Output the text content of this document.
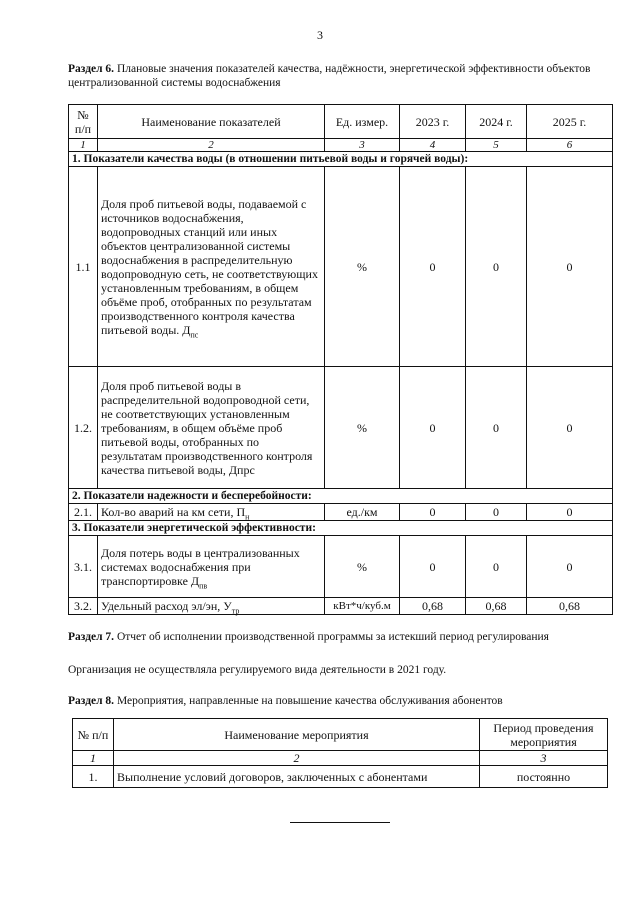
3
Раздел 6. Плановые значения показателей качества, надёжности, энергетической эффективности объектов централизованной системы водоснабжения
№ п/п	Наименование показателей	Ед. измер.	2023 г.	2024 г.	2025 г.
1	2	3	4	5	6
1. Показатели качества воды (в отношении питьевой воды и горячей воды):					
1.1	Доля проб питьевой воды, подаваемой с источников водоснабжения, водопроводных станций или иных объектов централизованной системы водоснабжения в распределительную водопроводную сеть, не соответствующих установленным требованиям, в общем объёме проб, отобранных по результатам производственного контроля качества питьевой воды. $Д_{пс}$	%	0	0	0
1.2.	Доля проб питьевой воды в распределительной водопроводной сети, не соответствующих установленным требованиям, в общем объёме проб питьевой воды, отобранных по результатам производственного контроля качества питьевой воды, Дпрс	%	0	0	0
2. Показатели надежности и бесперебойности:					
2.1.	Кол-во аварий на км сети, $П_н$	ед./км	0	0	0
3. Показатели энергетической эффективности:					
3.1.	Доля потерь воды в централизованных системах водоснабжения при транспортировке $Д_{пв}$	%	0	0	0
3.2.	Удельный расход эл/эн, $У_{тр}$	кВт*ч/куб.м	0,68	0,68	0,68
Раздел 7. Отчет об исполнении производственной программы за истекший период регулирования
Организация не осуществляла регулируемого вида деятельности в 2021 году.
Раздел 8. Мероприятия, направленные на повышение качества обслуживания абонентов
№ п/п	Наименование мероприятия	Период проведения мероприятия
1	2	3
1.	Выполнение условий договоров, заключенных с абонентами	постоянно
